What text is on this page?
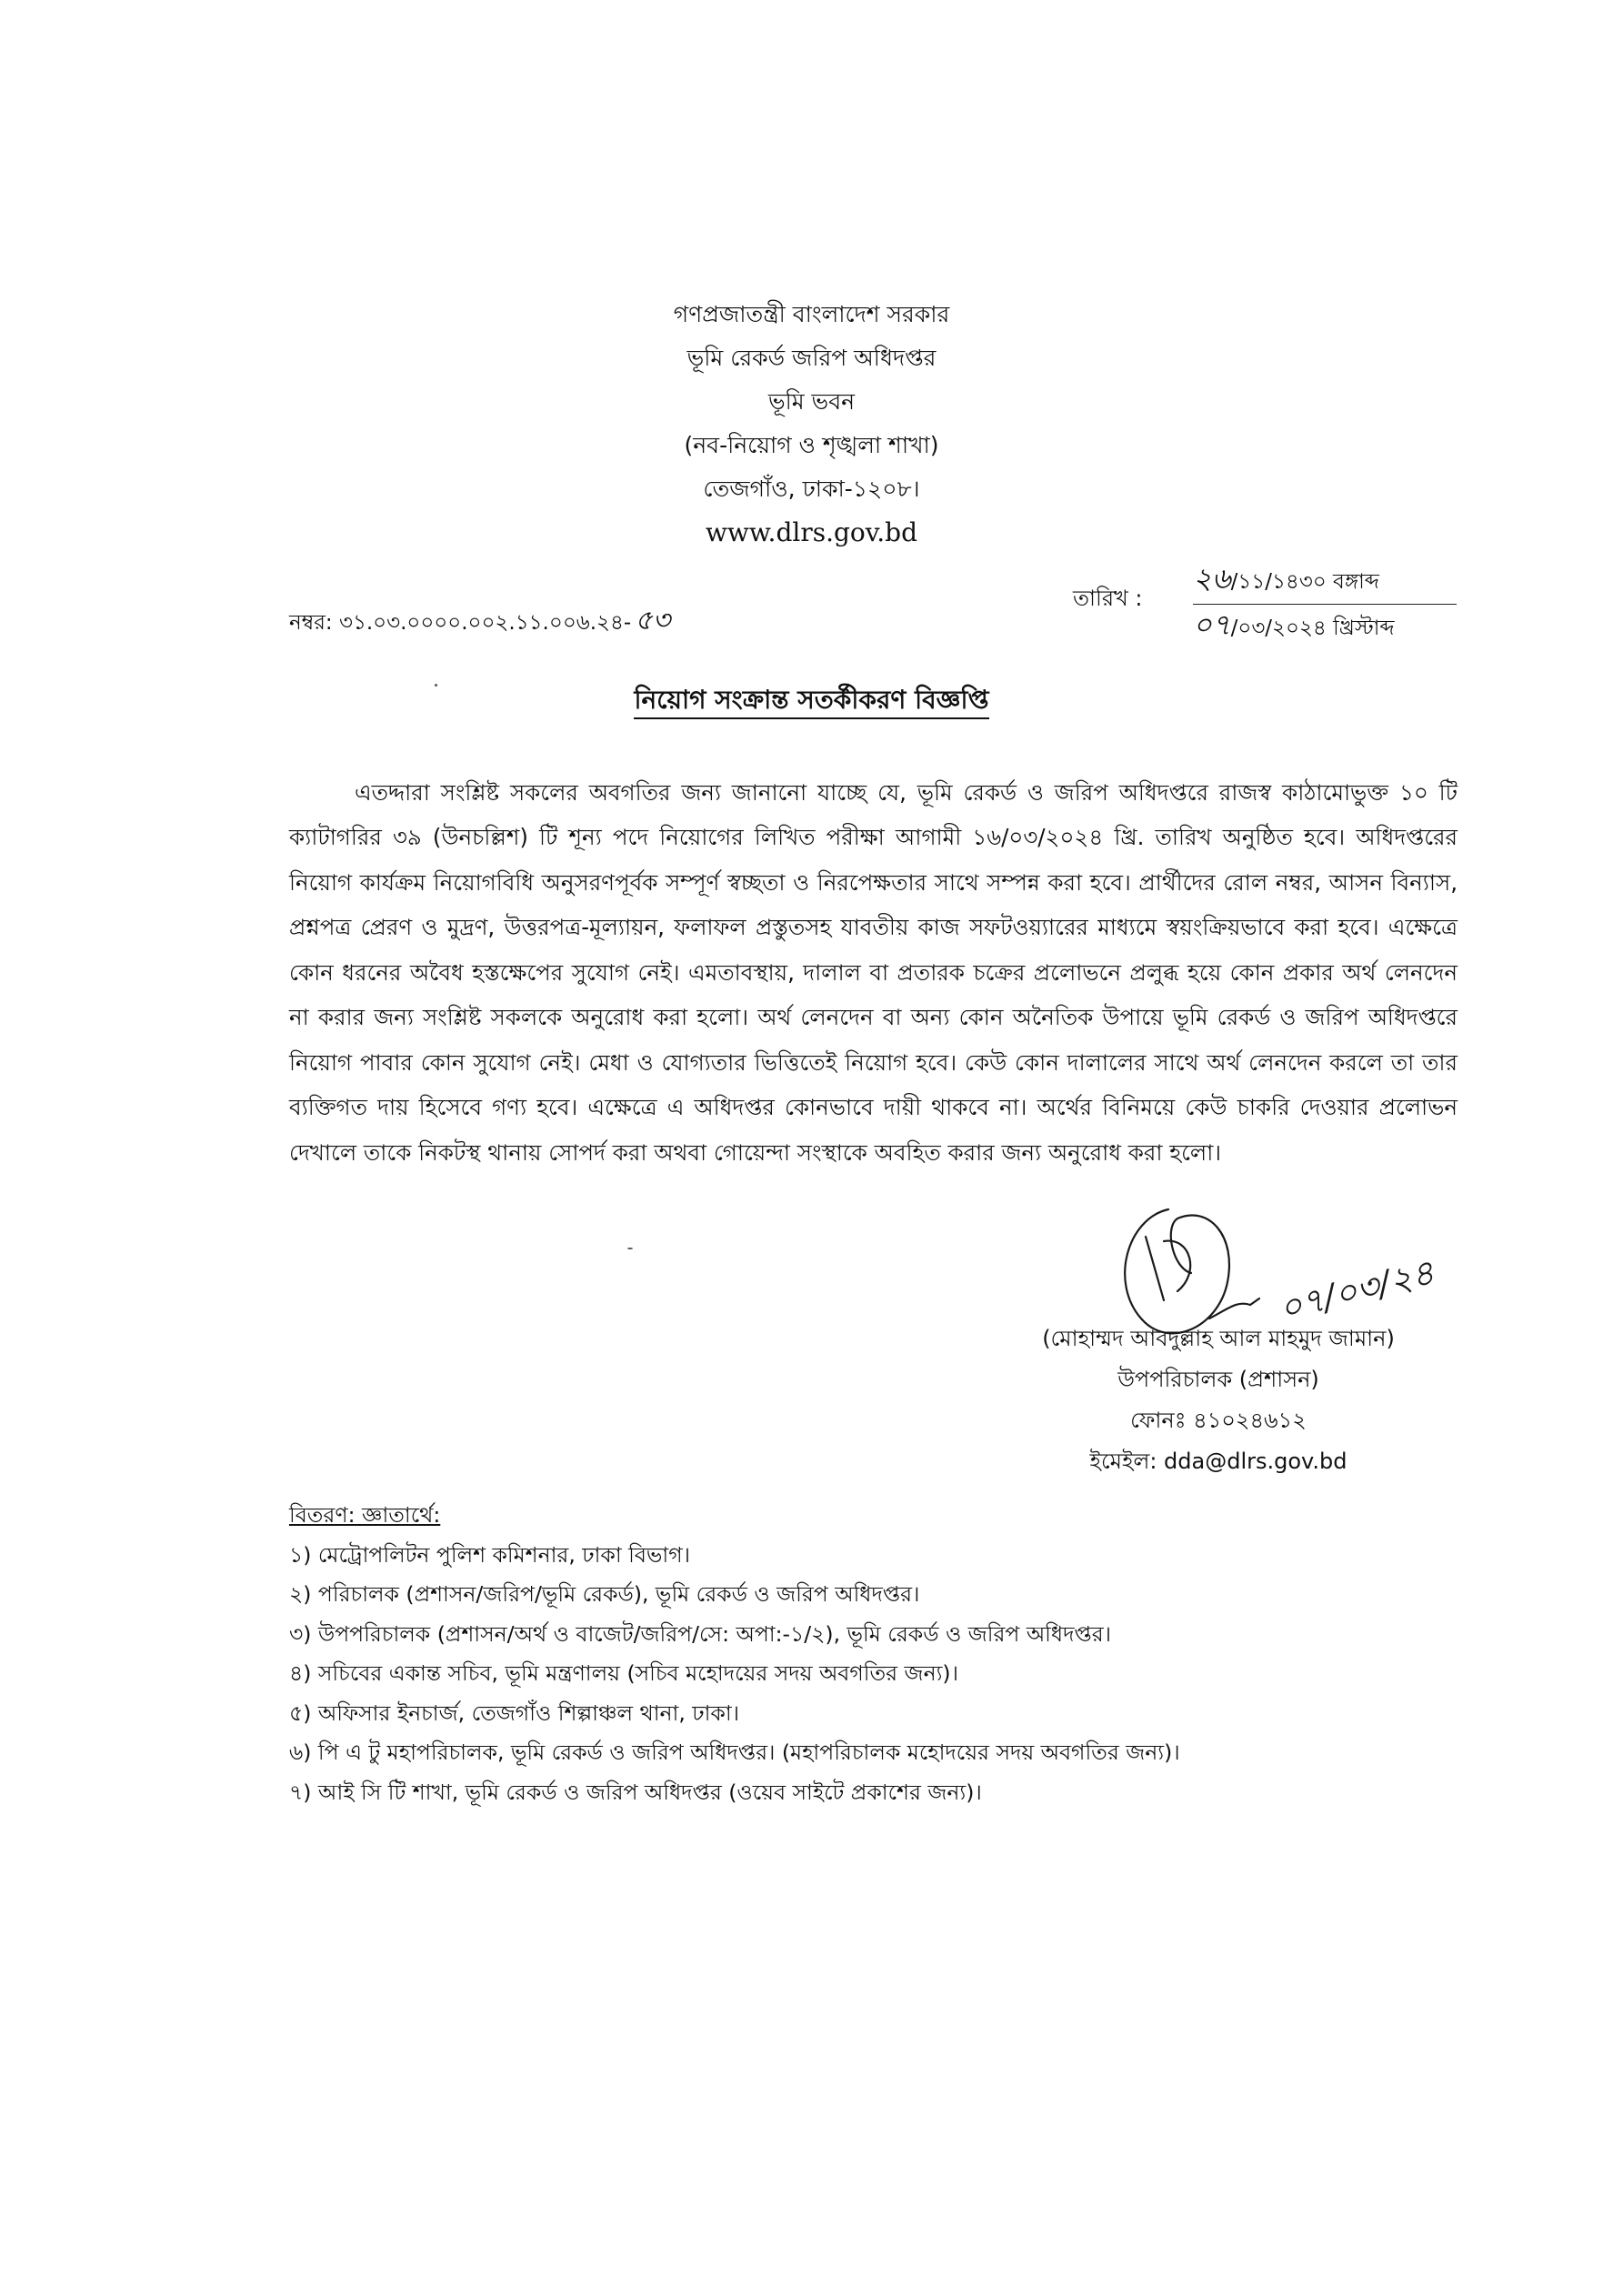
গণপ্রজাতন্ত্রী বাংলাদেশ সরকার
ভূমি রেকর্ড জরিপ অধিদপ্তর
ভূমি ভবন
(নব-নিয়োগ ও শৃঙ্খলা শাখা)
তেজগাঁও, ঢাকা-১২০৮।
www.dlrs.gov.bd
নম্বর: ৩১.০৩.০০০০.০০২.১১.০০৬.২৪- ৫৩
তারিখ :
২৬/১১/১৪৩০ বঙ্গাব্দ
০৭/০৩/২০২৪ খ্রিস্টাব্দ
নিয়োগ সংক্রান্ত সতর্কীকরণ বিজ্ঞপ্তি

এতদ্দারা সংশ্লিষ্ট সকলের অবগতির জন্য জানানো যাচ্ছে যে, ভূমি রেকর্ড ও জরিপ অধিদপ্তরে রাজস্ব কাঠামোভুক্ত ১০ টি ক্যাটাগরির ৩৯ (উনচল্লিশ) টি শূন্য পদে নিয়োগের লিখিত পরীক্ষা আগামী ১৬/০৩/২০২৪ খ্রি. তারিখ অনুষ্ঠিত হবে। অধিদপ্তরের নিয়োগ কার্যক্রম নিয়োগবিধি অনুসরণপূর্বক সম্পূর্ণ স্বচ্ছতা ও নিরপেক্ষতার সাথে সম্পন্ন করা হবে। প্রার্থীদের রোল নম্বর, আসন বিন্যাস, প্রশ্নপত্র প্রেরণ ও মুদ্রণ, উত্তরপত্র-মূল্যায়ন, ফলাফল প্রস্তুতসহ যাবতীয় কাজ সফটওয়্যারের মাধ্যমে স্বয়ংক্রিয়ভাবে করা হবে। এক্ষেত্রে কোন ধরনের অবৈধ হস্তক্ষেপের সুযোগ নেই। এমতাবস্থায়, দালাল বা প্রতারক চক্রের প্রলোভনে প্রলুব্ধ হয়ে কোন প্রকার অর্থ লেনদেন না করার জন্য সংশ্লিষ্ট সকলকে অনুরোধ করা হলো। অর্থ লেনদেন বা অন্য কোন অনৈতিক উপায়ে ভূমি রেকর্ড ও জরিপ অধিদপ্তরে নিয়োগ পাবার কোন সুযোগ নেই। মেধা ও যোগ্যতার ভিত্তিতেই নিয়োগ হবে। কেউ কোন দালালের সাথে অর্থ লেনদেন করলে তা তার ব্যক্তিগত দায় হিসেবে গণ্য হবে। এক্ষেত্রে এ অধিদপ্তর কোনভাবে দায়ী থাকবে না। অর্থের বিনিময়ে কেউ চাকরি দেওয়ার প্রলোভন দেখালে তাকে নিকটস্থ থানায় সোপর্দ করা অথবা গোয়েন্দা সংস্থাকে অবহিত করার জন্য অনুরোধ করা হলো।

০৭/০৩/২৪
(মোহাম্মদ আবদুল্লাহ আল মাহমুদ জামান)
উপপরিচালক (প্রশাসন)
ফোনঃ ৪১০২৪৬১২
ইমেইল: dda@dlrs.gov.bd
বিতরণ: জ্ঞাতার্থে:
১) মেট্রোপলিটন পুলিশ কমিশনার, ঢাকা বিভাগ।
২) পরিচালক (প্রশাসন/জরিপ/ভূমি রেকর্ড), ভূমি রেকর্ড ও জরিপ অধিদপ্তর।
৩) উপপরিচালক (প্রশাসন/অর্থ ও বাজেট/জরিপ/সে: অপা:-১/২), ভূমি রেকর্ড ও জরিপ অধিদপ্তর।
৪) সচিবের একান্ত সচিব, ভূমি মন্ত্রণালয় (সচিব মহোদয়ের সদয় অবগতির জন্য)।
৫) অফিসার ইনচার্জ, তেজগাঁও শিল্পাঞ্চল থানা, ঢাকা।
৬) পি এ টু মহাপরিচালক, ভূমি রেকর্ড ও জরিপ অধিদপ্তর। (মহাপরিচালক মহোদয়ের সদয় অবগতির জন্য)।
৭) আই সি টি শাখা, ভূমি রেকর্ড ও জরিপ অধিদপ্তর (ওয়েব সাইটে প্রকাশের জন্য)।
